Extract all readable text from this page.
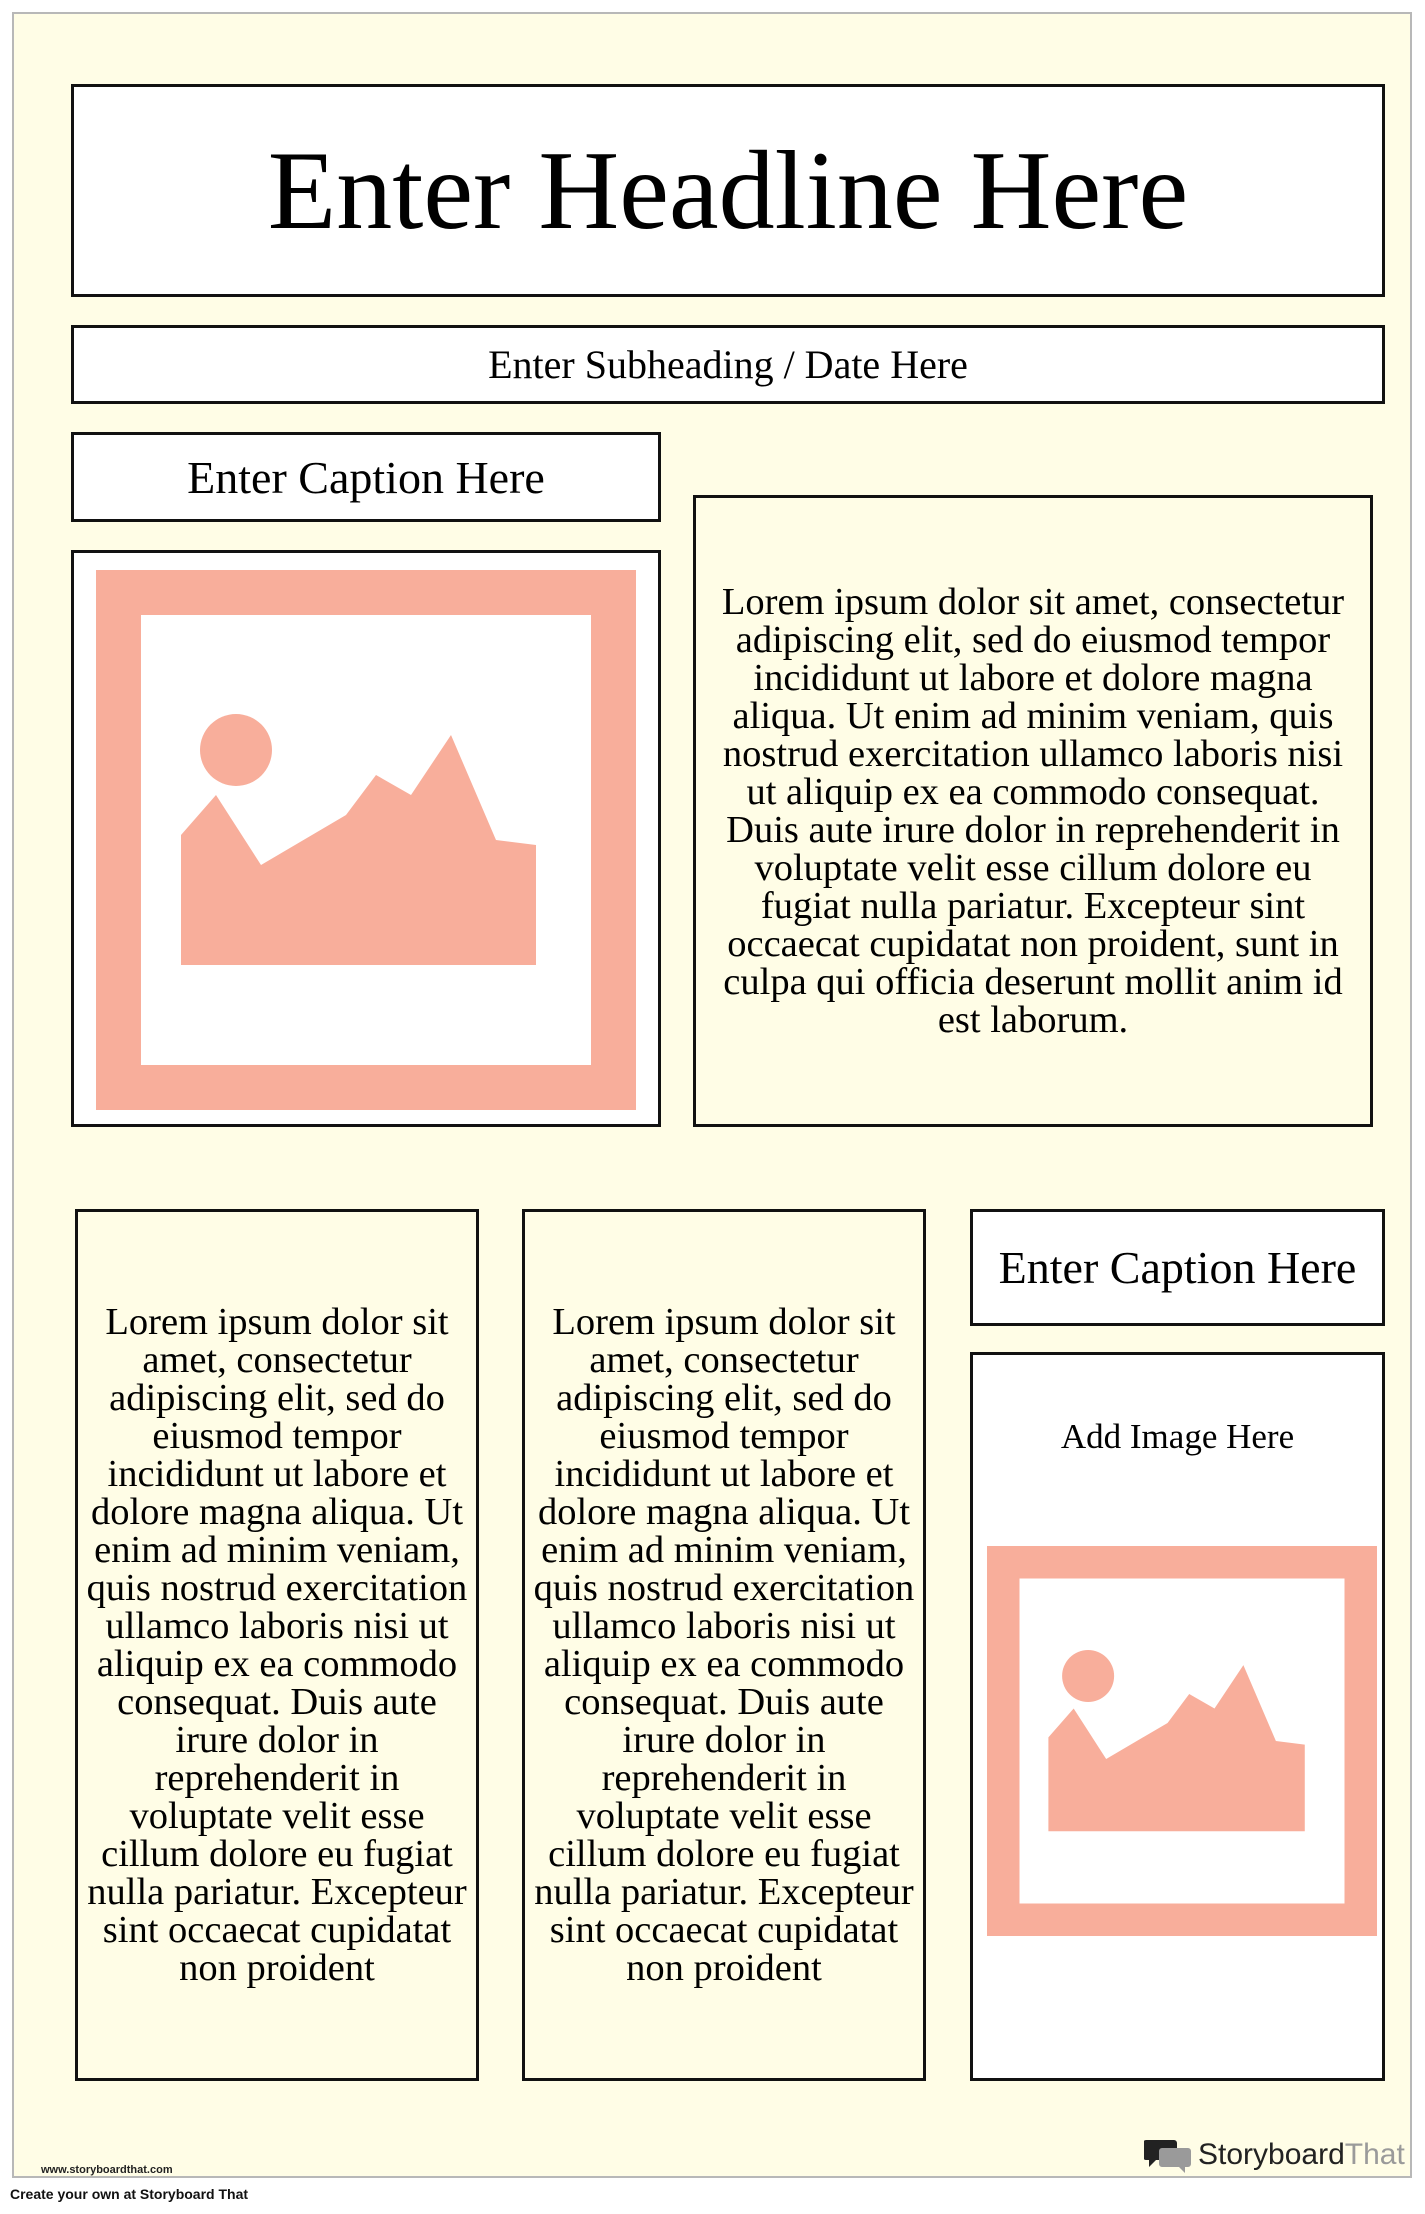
Enter Headline Here
Enter Subheading / Date Here
Enter Caption Here

Lorem ipsum dolor sit amet, consectetur adipiscing elit, sed do eiusmod tempor incididunt ut labore et dolore magna aliqua. Ut enim ad minim veniam, quis nostrud exercitation ullamco laboris nisi ut aliquip ex ea commodo consequat. Duis aute irure dolor in reprehenderit in voluptate velit esse cillum dolore eu fugiat nulla pariatur. Excepteur sint occaecat cupidatat non proident, sunt in culpa qui officia deserunt mollit anim id est laborum.

Lorem ipsum dolor sit amet, consectetur adipiscing elit, sed do eiusmod tempor incididunt ut labore et dolore magna aliqua. Ut enim ad minim veniam, quis nostrud exercitation ullamco laboris nisi ut aliquip ex ea commodo consequat. Duis aute irure dolor in reprehenderit in voluptate velit esse cillum dolore eu fugiat nulla pariatur. Excepteur sint occaecat cupidatat non proident

Lorem ipsum dolor sit amet, consectetur adipiscing elit, sed do eiusmod tempor incididunt ut labore et dolore magna aliqua. Ut enim ad minim veniam, quis nostrud exercitation ullamco laboris nisi ut aliquip ex ea commodo consequat. Duis aute irure dolor in reprehenderit in voluptate velit esse cillum dolore eu fugiat nulla pariatur. Excepteur sint occaecat cupidatat non proident

Enter Caption Here
Add Image Here
www.storyboardthat.com	Storyboard That
Create your own at Storyboard That
